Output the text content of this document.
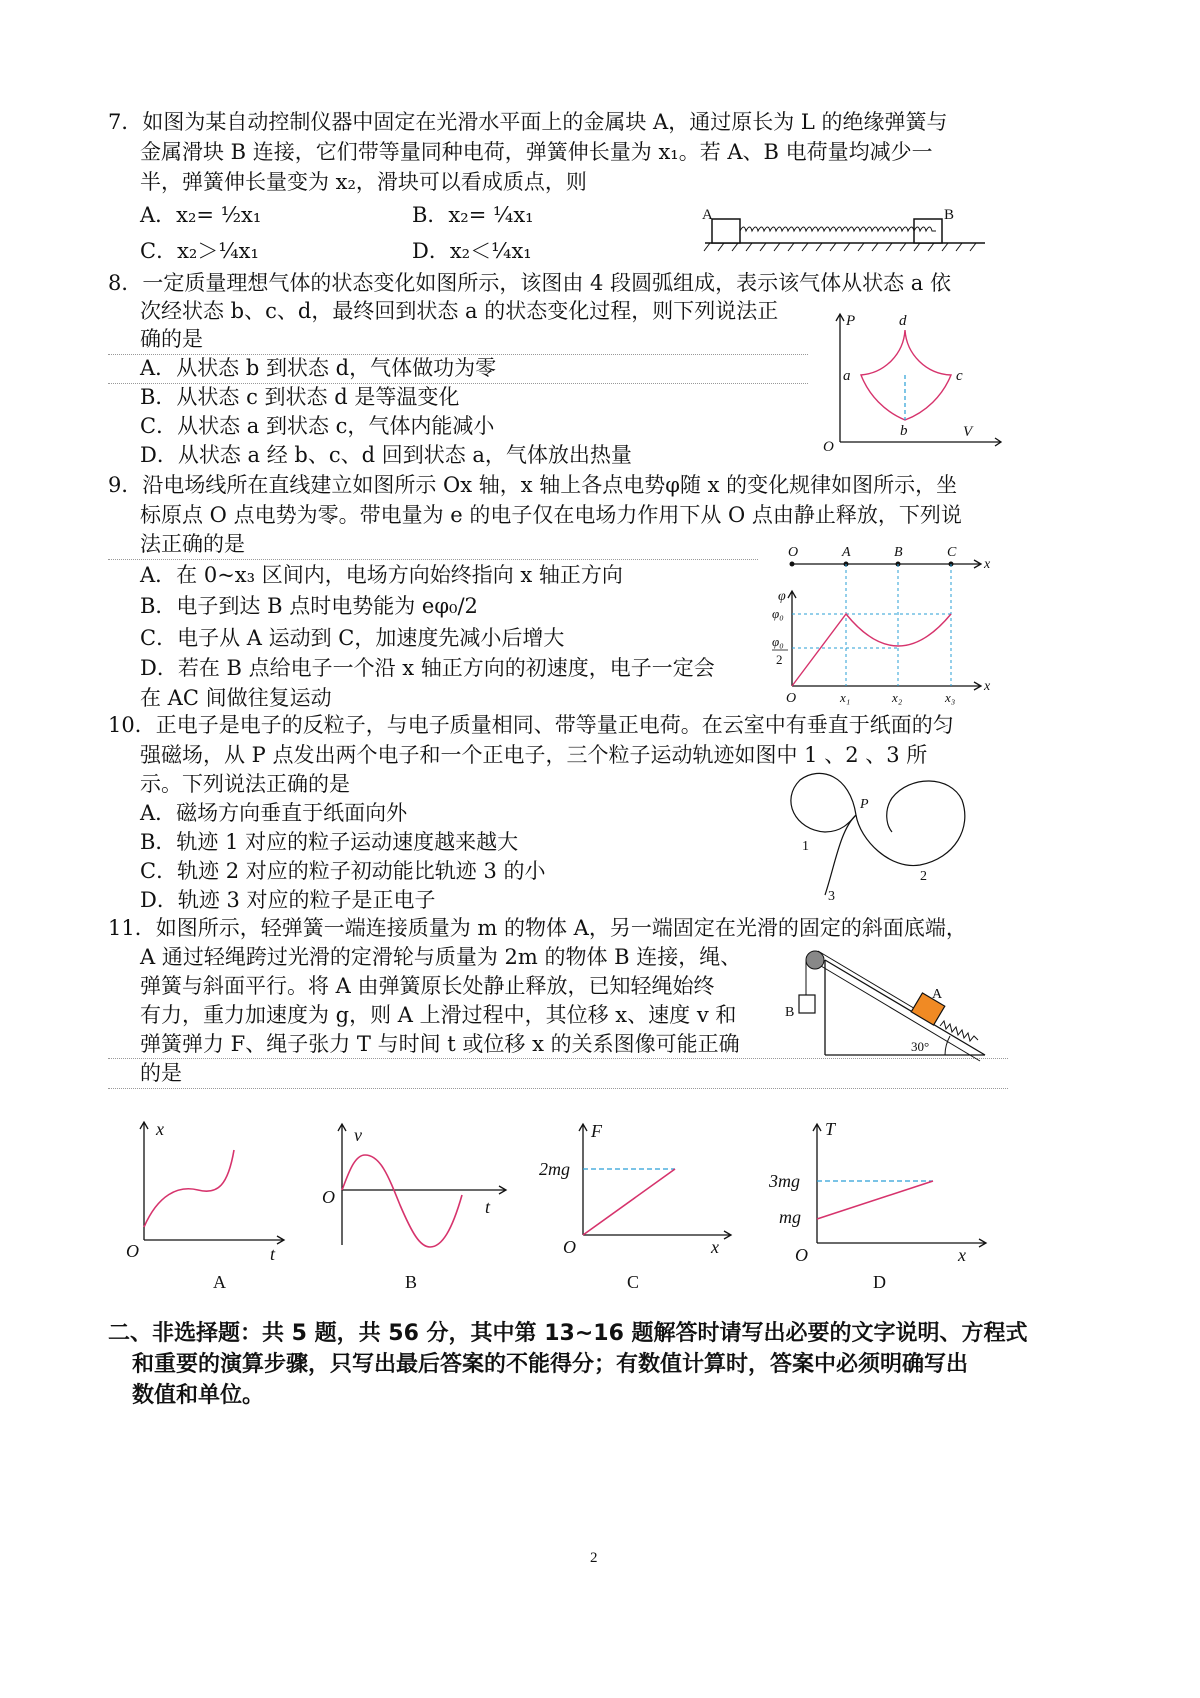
7．如图为某自动控制仪器中固定在光滑水平面上的金属块 A，通过原长为 L 的绝缘弹簧与
金属滑块 B 连接，它们带等量同种电荷，弹簧伸长量为 x₁。若 A、B 电荷量均减少一
半，弹簧伸长量变为 x₂，滑块可以看成质点，则
A．x₂= ½x₁	B．x₂= ¼x₁
C．x₂＞¼x₁	D．x₂＜¼x₁
A	B
8．一定质量理想气体的状态变化如图所示，该图由 4 段圆弧组成，表示该气体从状态 a 依
次经状态 b、c、d，最终回到状态 a 的状态变化过程，则下列说法正
确的是
A．从状态 b 到状态 d，气体做功为零
B．从状态 c 到状态 d 是等温变化
C．从状态 a 到状态 c，气体内能减小
D．从状态 a 经 b、c、d 回到状态 a，气体放出热量
P	d
a	c
b
O
V
9．沿电场线所在直线建立如图所示 Ox 轴，x 轴上各点电势φ随 x 的变化规律如图所示，坐
标原点 O 点电势为零。带电量为 e 的电子仅在电场力作用下从 O 点由静止释放，下列说
法正确的是
A．在 0~x₃ 区间内，电场方向始终指向 x 轴正方向
B．电子到达 B 点时电势能为 eφ₀/2
C．电子从 A 运动到 C，加速度先减小后增大
D．若在 B 点给电子一个沿 x 轴正方向的初速度，电子一定会
在 AC 间做往复运动
O	A	B	C
x
φ
φ₀
φ₀
2
O	x₁	x₂	x₃
x
10．正电子是电子的反粒子，与电子质量相同、带等量正电荷。在云室中有垂直于纸面的匀
强磁场，从 P 点发出两个电子和一个正电子，三个粒子运动轨迹如图中 1 、2 、3 所
示。下列说法正确的是
A．磁场方向垂直于纸面向外
B．轨迹 1 对应的粒子运动速度越来越大
C．轨迹 2 对应的粒子初动能比轨迹 3 的小
D．轨迹 3 对应的粒子是正电子
P
1
2
3
11．如图所示，轻弹簧一端连接质量为 m 的物体 A，另一端固定在光滑的固定的斜面底端，
A 通过轻绳跨过光滑的定滑轮与质量为 2m 的物体 B 连接，绳、
弹簧与斜面平行。将 A 由弹簧原长处静止释放，已知轻绳始终
有力，重力加速度为 g，则 A 上滑过程中，其位移 x、速度 v 和
弹簧弹力 F、绳子张力 T 与时间 t 或位移 x 的关系图像可能正确
的是
A
B
30°
x
t
O
A
v
t
O
B
F
x
O
2mg
C
T
x
O
3mg
mg
D
二、非选择题：共 5 题，共 56 分，其中第 13~16 题解答时请写出必要的文字说明、方程式
和重要的演算步骤，只写出最后答案的不能得分；有数值计算时，答案中必须明确写出
数值和单位。
2
